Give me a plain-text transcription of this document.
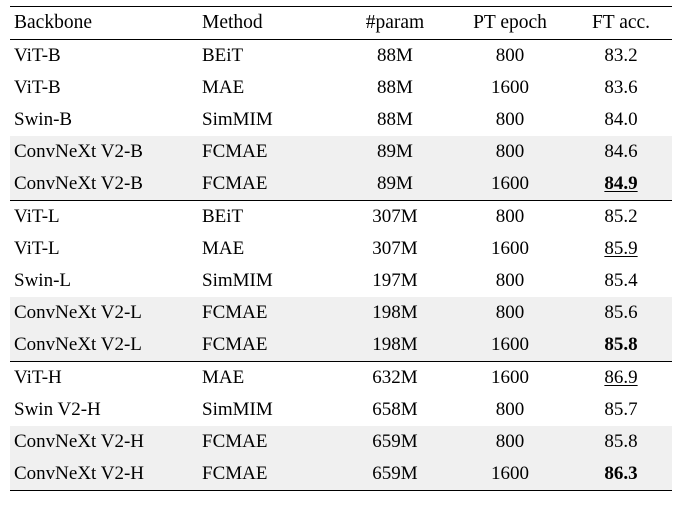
Backbone	Method	#param	PT epoch	FT acc.
ViT-B	BEiT	88M	800	83.2
ViT-B	MAE	88M	1600	83.6
Swin-B	SimMIM	88M	800	84.0
ConvNeXt V2-B	FCMAE	89M	800	84.6
ConvNeXt V2-B	FCMAE	89M	1600	84.9
ViT-L	BEiT	307M	800	85.2
ViT-L	MAE	307M	1600	85.9
Swin-L	SimMIM	197M	800	85.4
ConvNeXt V2-L	FCMAE	198M	800	85.6
ConvNeXt V2-L	FCMAE	198M	1600	85.8
ViT-H	MAE	632M	1600	86.9
Swin V2-H	SimMIM	658M	800	85.7
ConvNeXt V2-H	FCMAE	659M	800	85.8
ConvNeXt V2-H	FCMAE	659M	1600	86.3
